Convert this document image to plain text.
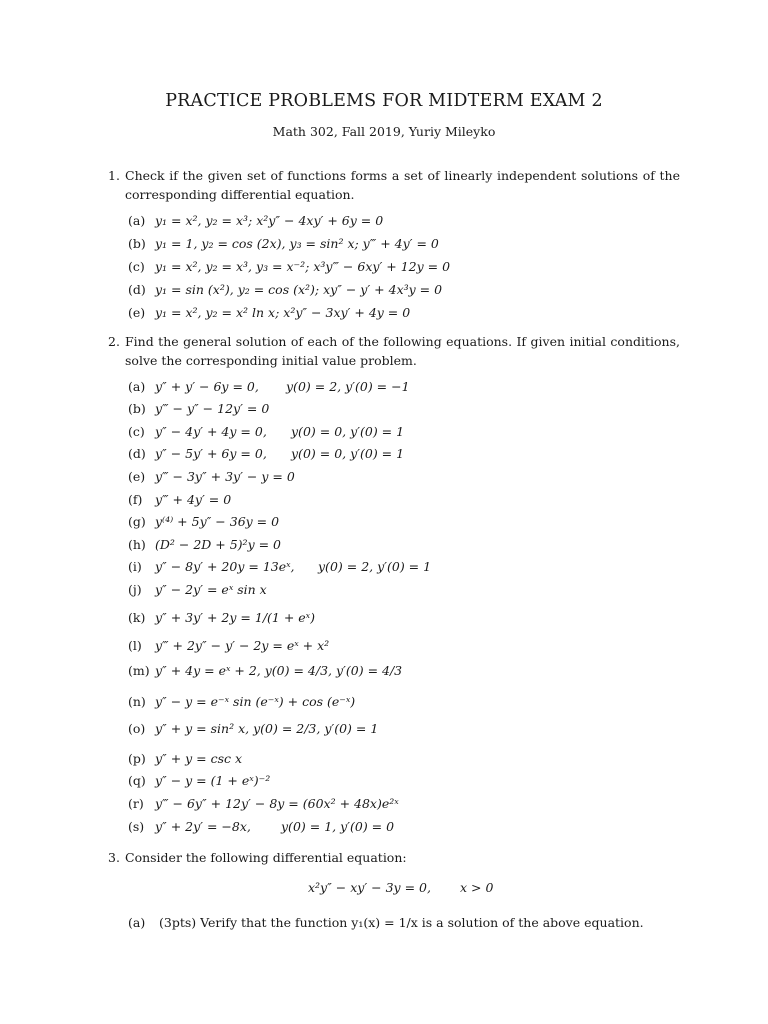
PRACTICE PROBLEMS FOR MIDTERM EXAM 2
Math 302, Fall 2019, Yuriy Mileyko
1. Check if the given set of functions forms a set of linearly independent solutions of the corresponding differential equation.
(a) y₁ = x², y₂ = x³; x²y″ − 4xy′ + 6y = 0
(b) y₁ = 1, y₂ = cos (2x), y₃ = sin² x; y‴ + 4y′ = 0
(c) y₁ = x², y₂ = x³, y₃ = x⁻²; x³y‴ − 6xy′ + 12y = 0
(d) y₁ = sin (x²), y₂ = cos (x²); xy″ − y′ + 4x³y = 0
(e) y₁ = x², y₂ = x² ln x; x²y″ − 3xy′ + 4y = 0
2. Find the general solution of each of the following equations. If given initial conditions, solve the corresponding initial value problem.
(a) y″ + y′ − 6y = 0, y(0) = 2, y′(0) = −1
(b) y‴ − y″ − 12y′ = 0
(c) y″ − 4y′ + 4y = 0, y(0) = 0, y′(0) = 1
(d) y″ − 5y′ + 6y = 0, y(0) = 0, y′(0) = 1
(e) y‴ − 3y″ + 3y′ − y = 0
(f) y‴ + 4y′ = 0
(g) y⁽⁴⁾ + 5y″ − 36y = 0
(h) (D² − 2D + 5)²y = 0
(i) y″ − 8y′ + 20y = 13eˣ, y(0) = 2, y′(0) = 1
(j) y″ − 2y′ = eˣ sin x
(k) y″ + 3y′ + 2y = 1/(1 + eˣ)
(l) y‴ + 2y″ − y′ − 2y = eˣ + x²
(m) y″ + 4y = eˣ + 2, y(0) = 4/3, y′(0) = 4/3
(n) y″ − y = e⁻ˣ sin (e⁻ˣ) + cos (e⁻ˣ)
(o) y″ + y = sin² x, y(0) = 2/3, y′(0) = 1
(p) y″ + y = csc x
(q) y″ − y = (1 + eˣ)⁻²
(r) y‴ − 6y″ + 12y′ − 8y = (60x² + 48x)e²ˣ
(s) y″ + 2y′ = −8x, y(0) = 1, y′(0) = 0
3. Consider the following differential equation:
x²y″ − xy′ − 3y = 0, x > 0
(a) (3pts) Verify that the function y₁(x) = 1/x is a solution of the above equation.
